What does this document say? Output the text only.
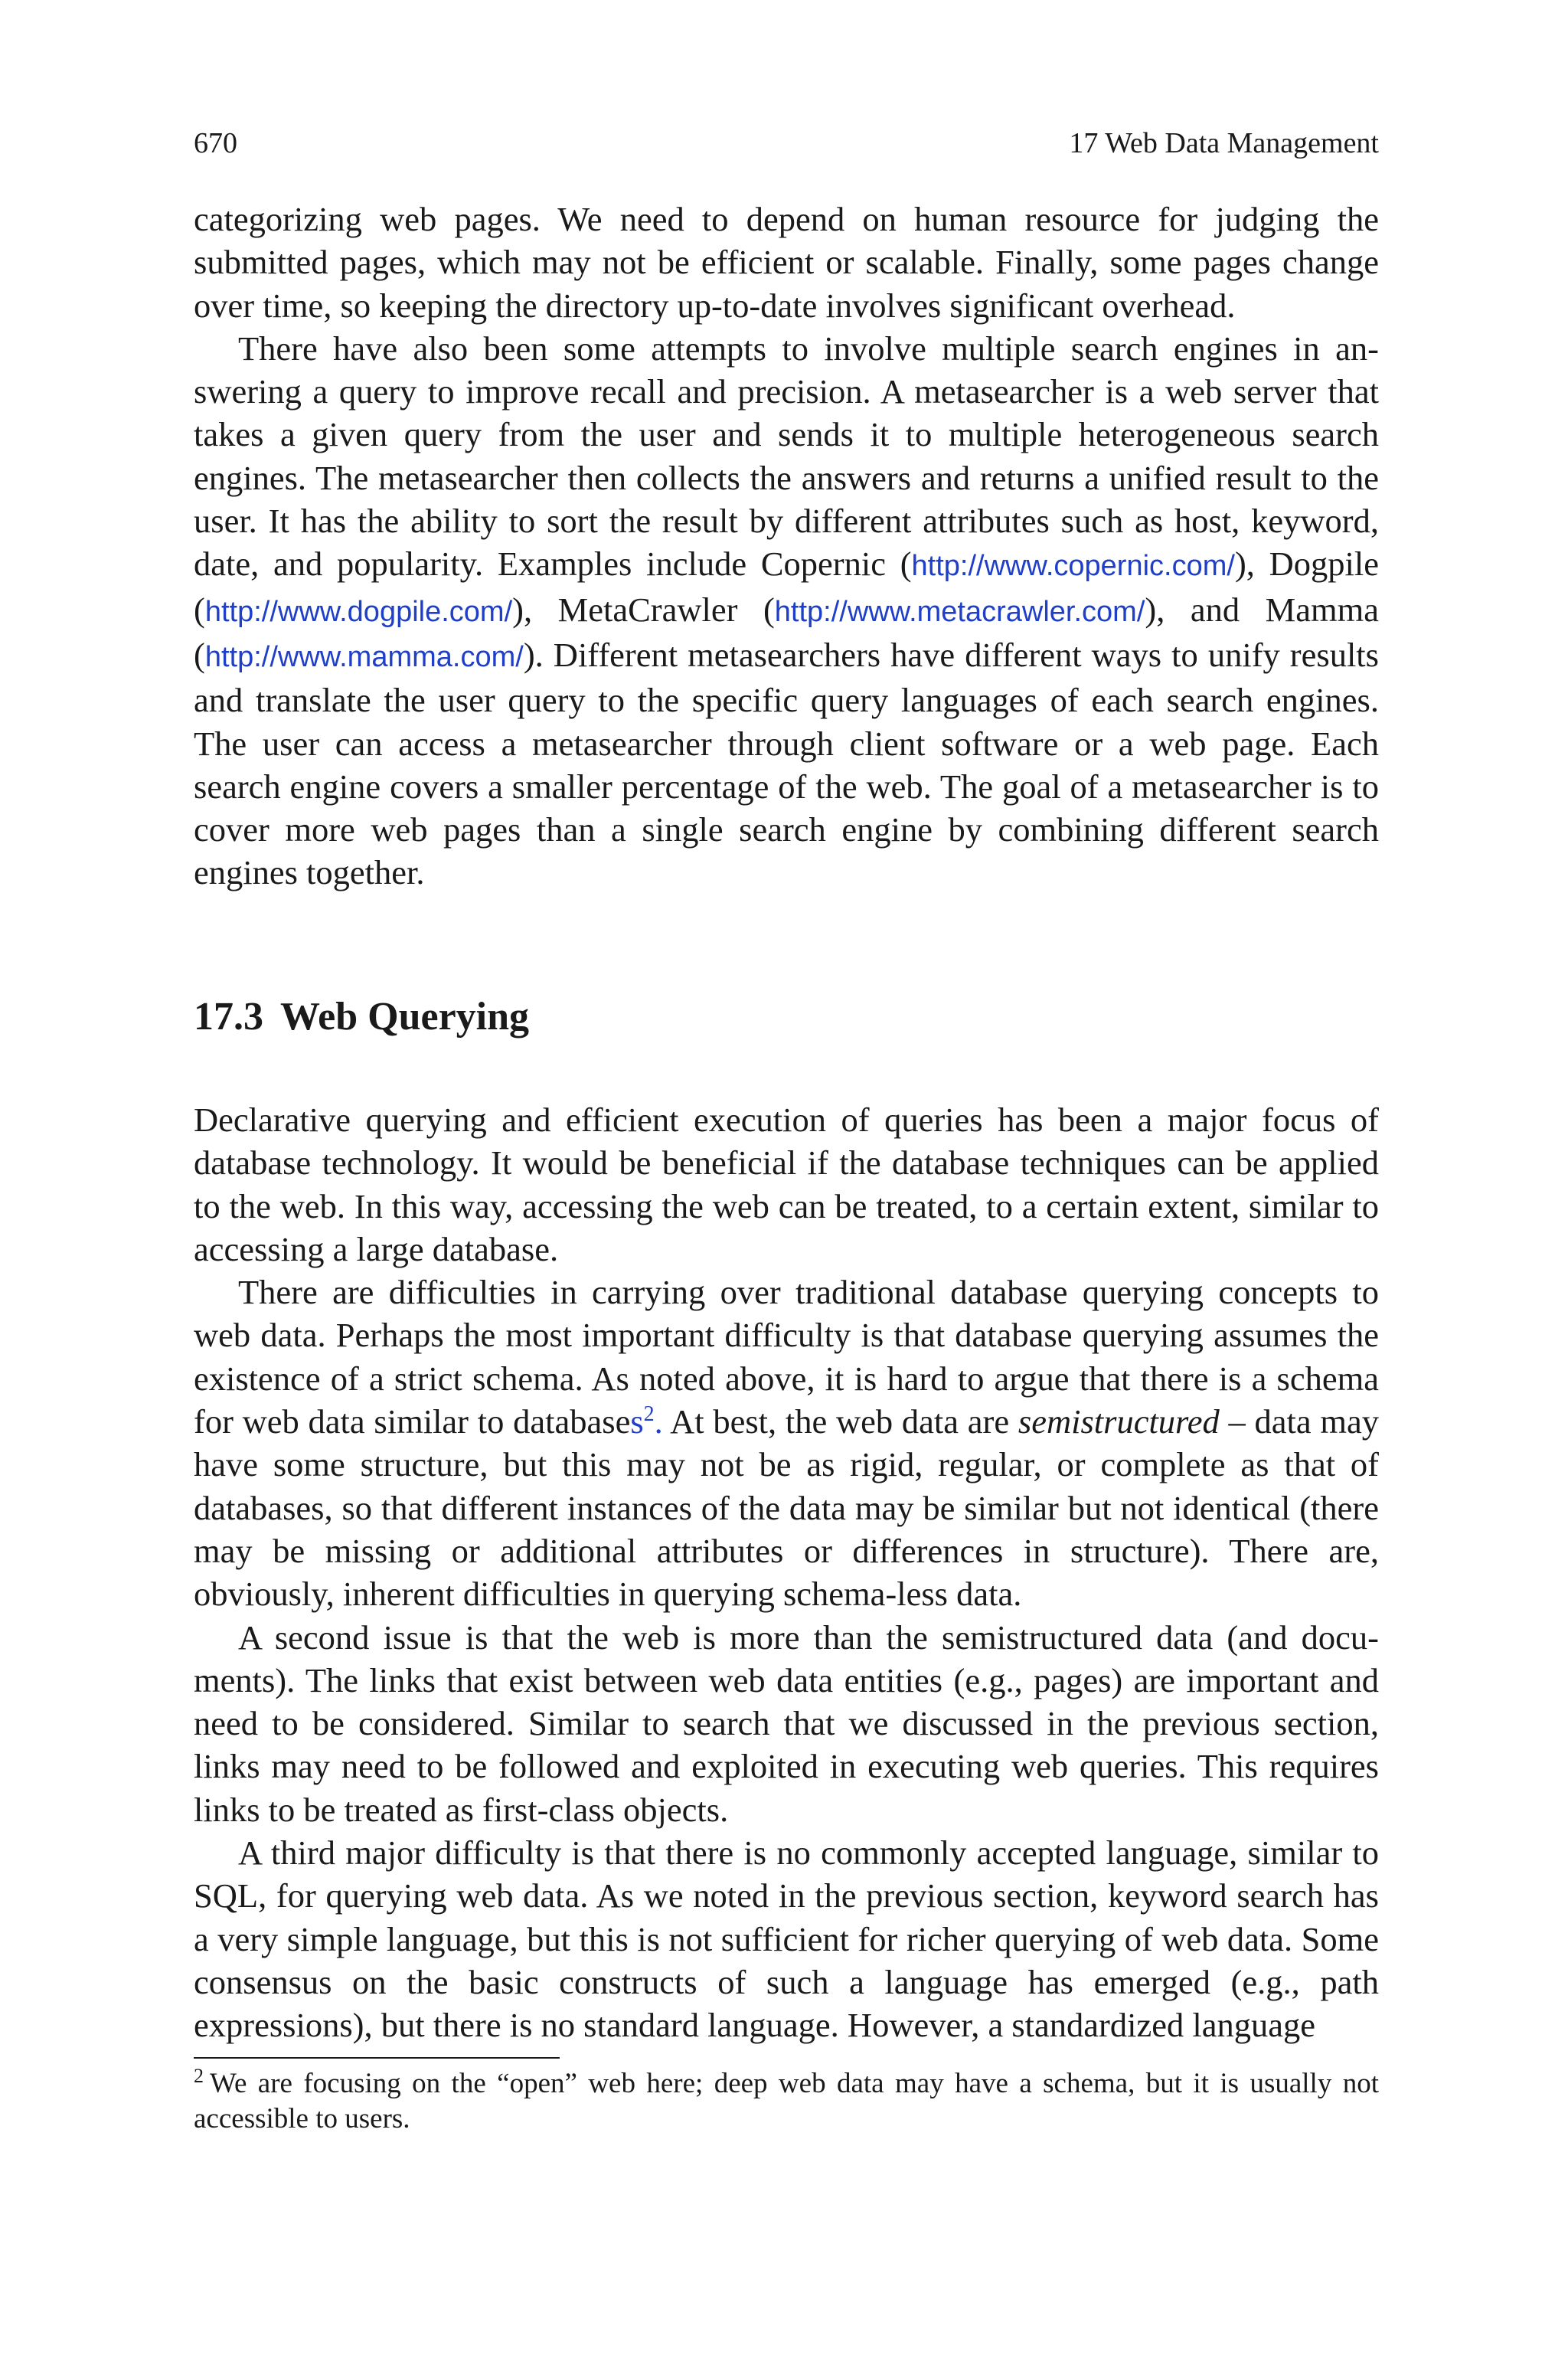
670	17 Web Data Management

categorizing web pages. We need to depend on human resource for judging the submitted pages, which may not be efficient or scalable. Finally, some pages change over time, so keeping the directory up-to-date involves significant overhead.

There have also been some attempts to involve multiple search engines in answering a query to improve recall and precision. A metasearcher is a web server that takes a given query from the user and sends it to multiple heterogeneous search engines. The metasearcher then collects the answers and returns a unified result to the user. It has the ability to sort the result by different attributes such as host, keyword, date, and popularity. Examples include Copernic (http://www.copernic.com/), Dogpile (http://www.dogpile.com/), MetaCrawler (http://www.metacrawler.com/), and Mamma (http://www.mamma.com/). Different metasearchers have different ways to unify results and translate the user query to the specific query languages of each search engines. The user can access a metasearcher through client software or a web page. Each search engine covers a smaller percentage of the web. The goal of a metasearcher is to cover more web pages than a single search engine by combining different search engines together.

17.3 Web Querying

Declarative querying and efficient execution of queries has been a major focus of database technology. It would be beneficial if the database techniques can be applied to the web. In this way, accessing the web can be treated, to a certain extent, similar to accessing a large database.

There are difficulties in carrying over traditional database querying concepts to web data. Perhaps the most important difficulty is that database querying assumes the existence of a strict schema. As noted above, it is hard to argue that there is a schema for web data similar to databases$^2$. At best, the web data are semistructured – data may have some structure, but this may not be as rigid, regular, or complete as that of databases, so that different instances of the data may be similar but not identical (there may be missing or additional attributes or differences in structure). There are, obviously, inherent difficulties in querying schema-less data.

A second issue is that the web is more than the semistructured data (and documents). The links that exist between web data entities (e.g., pages) are important and need to be considered. Similar to search that we discussed in the previous section, links may need to be followed and exploited in executing web queries. This requires links to be treated as first-class objects.

A third major difficulty is that there is no commonly accepted language, similar to SQL, for querying web data. As we noted in the previous section, keyword search has a very simple language, but this is not sufficient for richer querying of web data. Some consensus on the basic constructs of such a language has emerged (e.g., path expressions), but there is no standard language. However, a standardized language

$^2$ We are focusing on the “open” web here; deep web data may have a schema, but it is usually not accessible to users.
